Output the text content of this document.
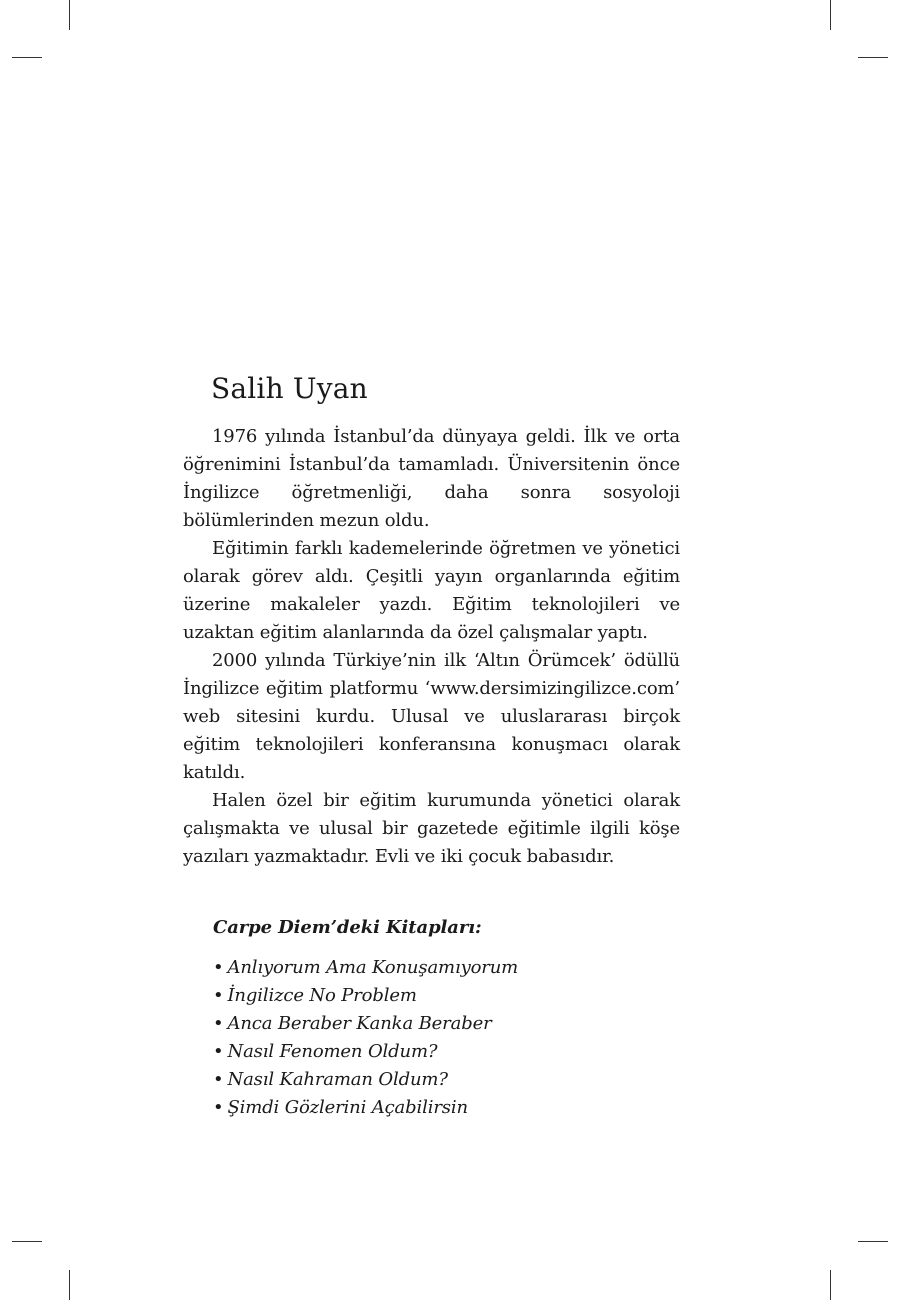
Salih Uyan

1976 yılında İstanbul’da dünyaya geldi. İlk ve orta öğrenimini İstanbul’da tamamladı. Üniversitenin önce İngilizce öğretmenliği, daha sonra sosyoloji bölümlerinden mezun oldu.

Eğitimin farklı kademelerinde öğretmen ve yönetici olarak görev aldı. Çeşitli yayın organlarında eğitim üzerine makaleler yazdı. Eğitim teknolojileri ve uzaktan eğitim alanlarında da özel çalışmalar yaptı.

2000 yılında Türkiye’nin ilk ‘Altın Örümcek’ ödüllü İngilizce eğitim platformu ‘www.dersimizingilizce.com’ web sitesini kurdu. Ulusal ve uluslararası birçok eğitim teknolojileri konferansına konuşmacı olarak katıldı.

Halen özel bir eğitim kurumunda yönetici olarak çalışmakta ve ulusal bir gazetede eğitimle ilgili köşe yazıları yazmaktadır. Evli ve iki çocuk babasıdır.

Carpe Diem’deki Kitapları:
• Anlıyorum Ama Konuşamıyorum
• İngilizce No Problem
• Anca Beraber Kanka Beraber
• Nasıl Fenomen Oldum?
• Nasıl Kahraman Oldum?
• Şimdi Gözlerini Açabilirsin
